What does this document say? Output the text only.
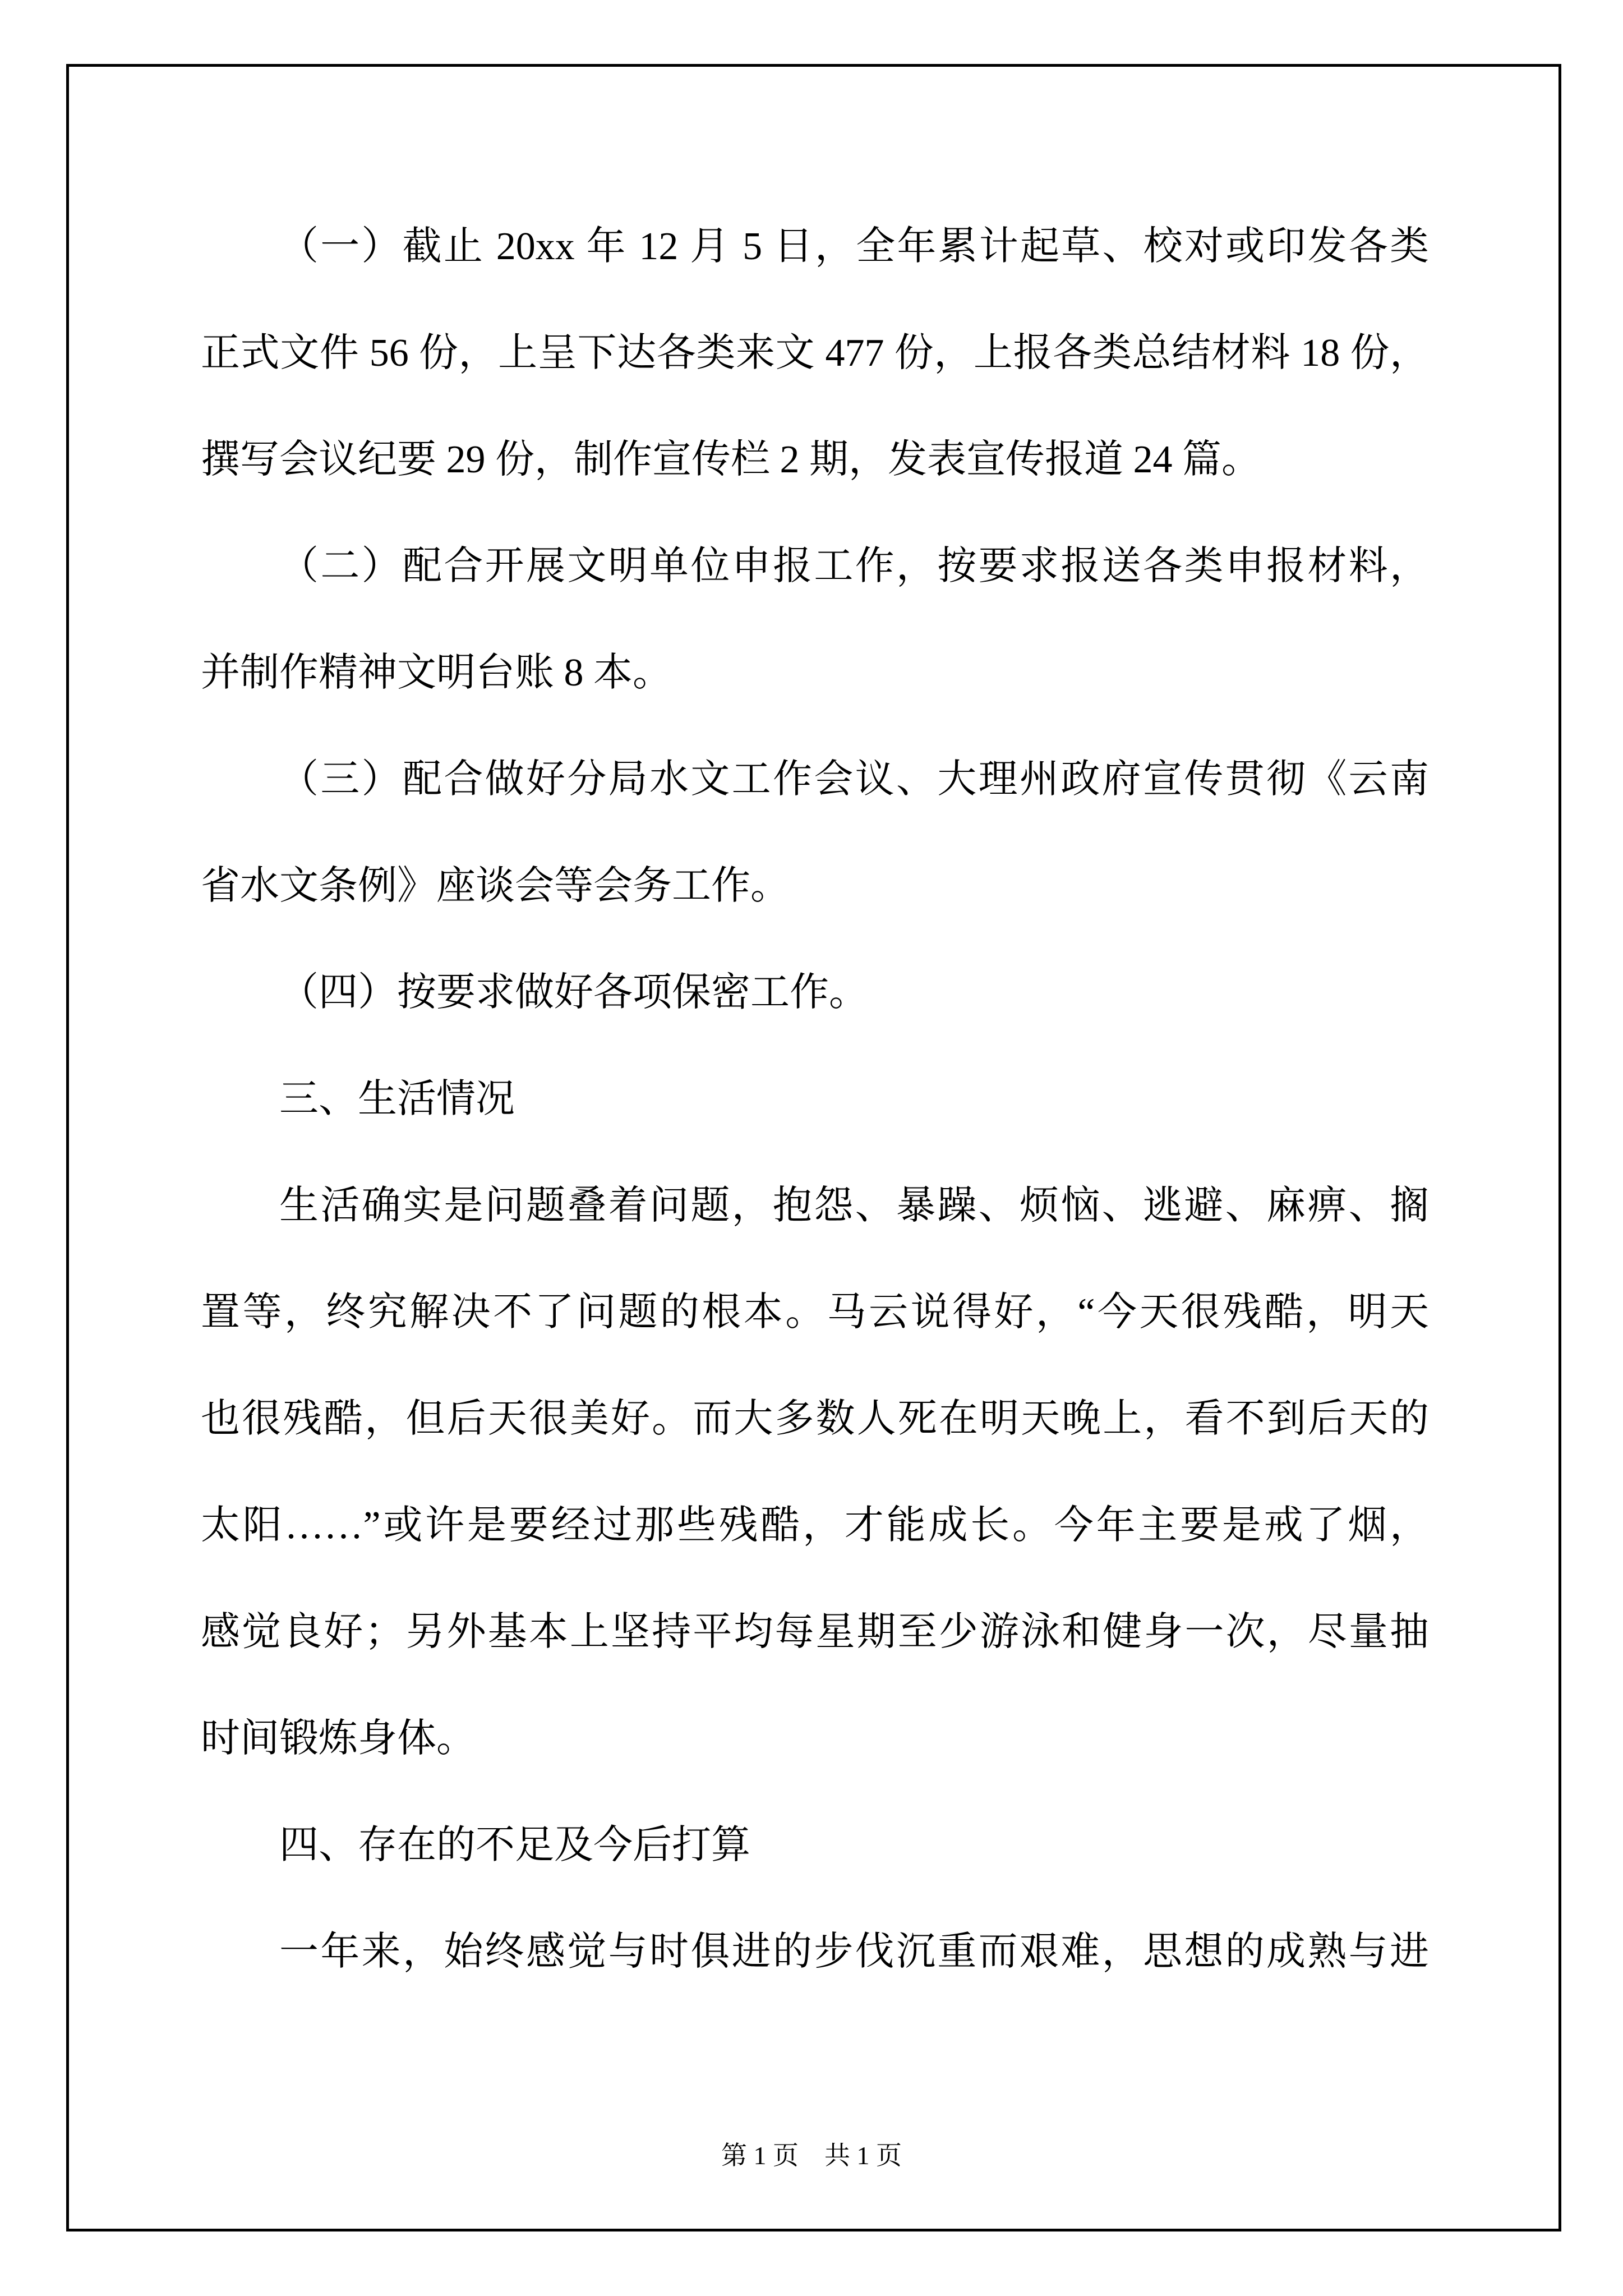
（一）截止 20xx 年 12 月 5 日，全年累计起草、校对或印发各类
正式文件 56 份，上呈下达各类来文 477 份，上报各类总结材料 18 份，
撰写会议纪要 29 份，制作宣传栏 2 期，发表宣传报道 24 篇。
（二）配合开展文明单位申报工作，按要求报送各类申报材料，
并制作精神文明台账 8 本。
（三）配合做好分局水文工作会议、大理州政府宣传贯彻《云南
省水文条例》座谈会等会务工作。
（四）按要求做好各项保密工作。
三、生活情况
生活确实是问题叠着问题，抱怨、暴躁、烦恼、逃避、麻痹、搁
置等，终究解决不了问题的根本。马云说得好，“今天很残酷，明天
也很残酷，但后天很美好。而大多数人死在明天晚上，看不到后天的
太阳……”或许是要经过那些残酷，才能成长。今年主要是戒了烟，
感觉良好；另外基本上坚持平均每星期至少游泳和健身一次，尽量抽
时间锻炼身体。
四、存在的不足及今后打算
一年来，始终感觉与时俱进的步伐沉重而艰难，思想的成熟与进
第 1 页　共 1 页
